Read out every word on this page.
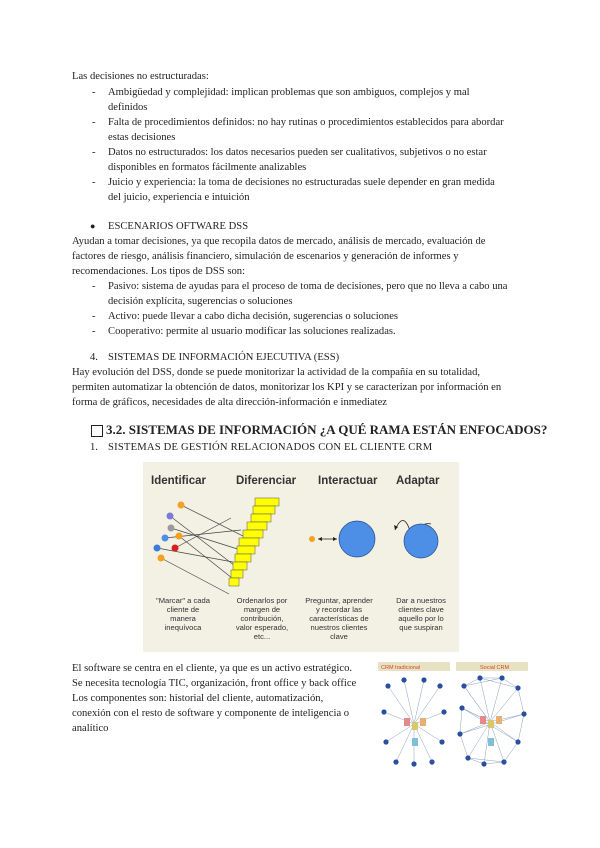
Las decisiones no estructuradas:
- Ambigüedad y complejidad: implican problemas que son ambiguos, complejos y mal
definidos
- Falta de procedimientos definidos: no hay rutinas o procedimientos establecidos para abordar
estas decisiones
- Datos no estructurados: los datos necesarios pueden ser cualitativos, subjetivos o no estar
disponibles en formatos fácilmente analizables
- Juicio y experiencia: la toma de decisiones no estructuradas suele depender en gran medida
del juicio, experiencia e intuición
● ESCENARIOS OFTWARE DSS
Ayudan a tomar decisiones, ya que recopila datos de mercado, análisis de mercado, evaluación de
factores de riesgo, análisis financiero, simulación de escenarios y generación de informes y
recomendaciones. Los tipos de DSS son:
- Pasivo: sistema de ayudas para el proceso de toma de decisiones, pero que no lleva a cabo una
decisión explícita, sugerencias o soluciones
- Activo: puede llevar a cabo dicha decisión, sugerencias o soluciones
- Cooperativo: permite al usuario modificar las soluciones realizadas.
4. SISTEMAS DE INFORMACIÓN EJECUTIVA (ESS)
Hay evolución del DSS, donde se puede monitorizar la actividad de la compañía en su totalidad,
permiten automatizar la obtención de datos, monitorizar los KPI y se caracterizan por información en
forma de gráficos, necesidades de alta dirección-información e inmediatez
3.2. SISTEMAS DE INFORMACIÓN ¿A QUÉ RAMA ESTÁN ENFOCADOS?
1. SISTEMAS DE GESTIÓN RELACIONADOS CON EL CLIENTE CRM
Identificar	Diferenciar Interactuar Adaptar
"Marcar" a cada
cliente de
manera
inequívoca
Ordenarlos por
margen de
contribución,
valor esperado,
etc...
Preguntar, aprender
y recordar las
características de
nuestros clientes
clave
Dar a nuestros
clientes clave
aquello por lo
que suspiran
El software se centra en el cliente, ya que es un activo estratégico.
Se necesita tecnología TIC, organización, front office y back office
Los componentes son: historial del cliente, automatización,
conexión con el resto de software y componente de inteligencia o
analítico
CRM tradicional	Social CRM
